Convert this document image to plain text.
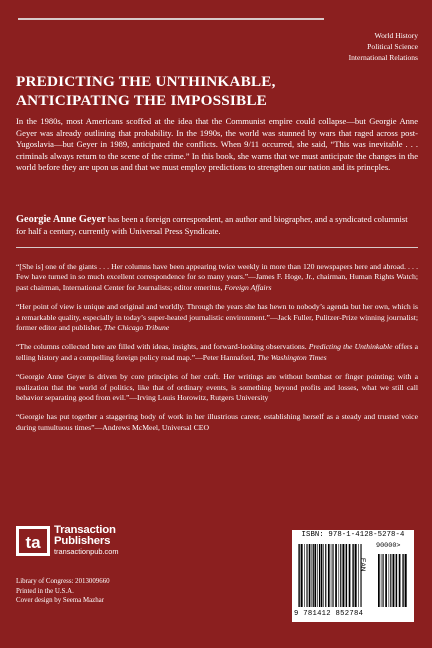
World History
Political Science
International Relations
PREDICTING THE UNTHINKABLE,
ANTICIPATING THE IMPOSSIBLE

In the 1980s, most Americans scoffed at the idea that the Communist empire could collapse—but Georgie Anne Geyer was already outlining that probability. In the 1990s, the world was stunned by wars that raged across post-Yugoslavia—but Geyer in 1989, anticipated the conflicts. When 9/11 occurred, she said, “This was inevitable . . . criminals always return to the scene of the crime.” In this book, she warns that we must anticipate the changes in the world before they are upon us and that we must employ predictions to strengthen our nation and its princples.

Georgie Anne Geyer has been a foreign correspondent, an author and biographer, and a syndicated columnist for half a century, currently with Universal Press Syndicate.

“[She is] one of the giants . . . Her columns have been appearing twice weekly in more than 120 newspapers here and abroad. . . . Few have turned in so much excellent correspondence for so many years.”—James F. Hoge, Jr., chairman, Human Rights Watch; past chairman, International Center for Journalists; editor emeritus, Foreign Affairs

“Her point of view is unique and original and worldly. Through the years she has hewn to nobody’s agenda but her own, which is a remarkable quality, especially in today’s super-heated journalistic environment.”—Jack Fuller, Pulitzer-Prize winning journalist; former editor and publisher, The Chicago Tribune

“The columns collected here are filled with ideas, insights, and forward-looking observations. Predicting the Unthinkable offers a telling history and a compelling foreign policy road map.”—Peter Hannaford, The Washington Times

“Georgie Anne Geyer is driven by core principles of her craft. Her writings are without bombast or finger pointing; with a realization that the world of politics, like that of ordinary events, is something beyond profits and losses, what we still call behavior separating good from evil.”—Irving Louis Horowitz, Rutgers University

“Georgie has put together a staggering body of work in her illustrious career, establishing herself as a steady and trusted voice during tumultuous times”—Andrews McMeel, Universal CEO

ta
Transaction
Publishers
transactionpub.com
Library of Congress: 2013009660
Printed in the U.S.A.
Cover design by Seema Mazhar
ISBN: 978-1-4128-5278-4
EAN
90000>
9 781412 852784
